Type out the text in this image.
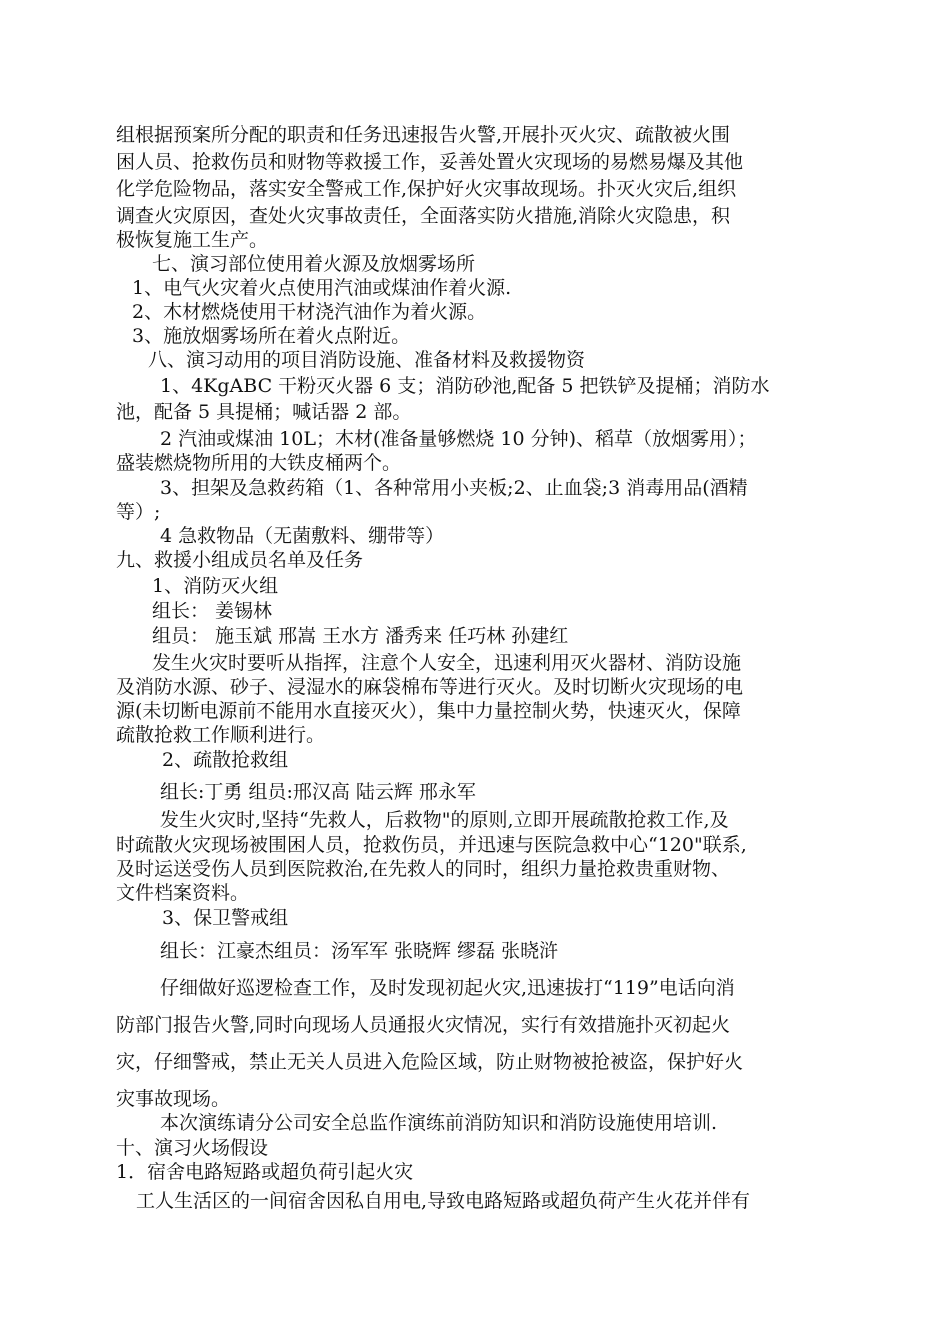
组根据预案所分配的职责和任务迅速报告火警,开展扑灭火灾、疏散被火围
困人员、抢救伤员和财物等救援工作，妥善处置火灾现场的易燃易爆及其他
化学危险物品，落实安全警戒工作,保护好火灾事故现场。扑灭火灾后,组织
调查火灾原因，查处火灾事故责任，全面落实防火措施,消除火灾隐患，积
极恢复施工生产。
七、演习部位使用着火源及放烟雾场所
1、电气火灾着火点使用汽油或煤油作着火源.
2、木材燃烧使用干材浇汽油作为着火源。
3、施放烟雾场所在着火点附近。
八、演习动用的项目消防设施、准备材料及救援物资
1、4KgABC 干粉灭火器 6 支；消防砂池,配备 5 把铁铲及提桶；消防水
池，配备 5 具提桶；喊话器 2 部。
2 汽油或煤油 10L；木材(准备量够燃烧 10 分钟)、稻草（放烟雾用）；
盛装燃烧物所用的大铁皮桶两个。
3、担架及急救药箱（1、各种常用小夹板;2、止血袋;3 消毒用品(酒精
等）;
4 急救物品（无菌敷料、绷带等）
九、救援小组成员名单及任务
1、消防灭火组
组长： 姜锡林
组员： 施玉斌 邢嵩 王水方 潘秀来 任巧林 孙建红
发生火灾时要听从指挥，注意个人安全，迅速利用灭火器材、消防设施
及消防水源、砂子、浸湿水的麻袋棉布等进行灭火。及时切断火灾现场的电
源(未切断电源前不能用水直接灭火），集中力量控制火势，快速灭火，保障
疏散抢救工作顺利进行。
2、疏散抢救组
组长:丁勇 组员:邢汉高 陆云辉 邢永军
发生火灾时,坚持“先救人，后救物"的原则,立即开展疏散抢救工作,及
时疏散火灾现场被围困人员，抢救伤员，并迅速与医院急救中心“120"联系,
及时运送受伤人员到医院救治,在先救人的同时，组织力量抢救贵重财物、
文件档案资料。
3、保卫警戒组
组长：江豪杰组员：汤军军 张晓辉 缪磊 张晓浒
仔细做好巡逻检查工作，及时发现初起火灾,迅速拔打“119”电话向消
防部门报告火警,同时向现场人员通报火灾情况，实行有效措施扑灭初起火
灾，仔细警戒，禁止无关人员进入危险区域，防止财物被抢被盗，保护好火
灾事故现场。
本次演练请分公司安全总监作演练前消防知识和消防设施使用培训.
十、演习火场假设
1．宿舍电路短路或超负荷引起火灾
工人生活区的一间宿舍因私自用电,导致电路短路或超负荷产生火花并伴有
